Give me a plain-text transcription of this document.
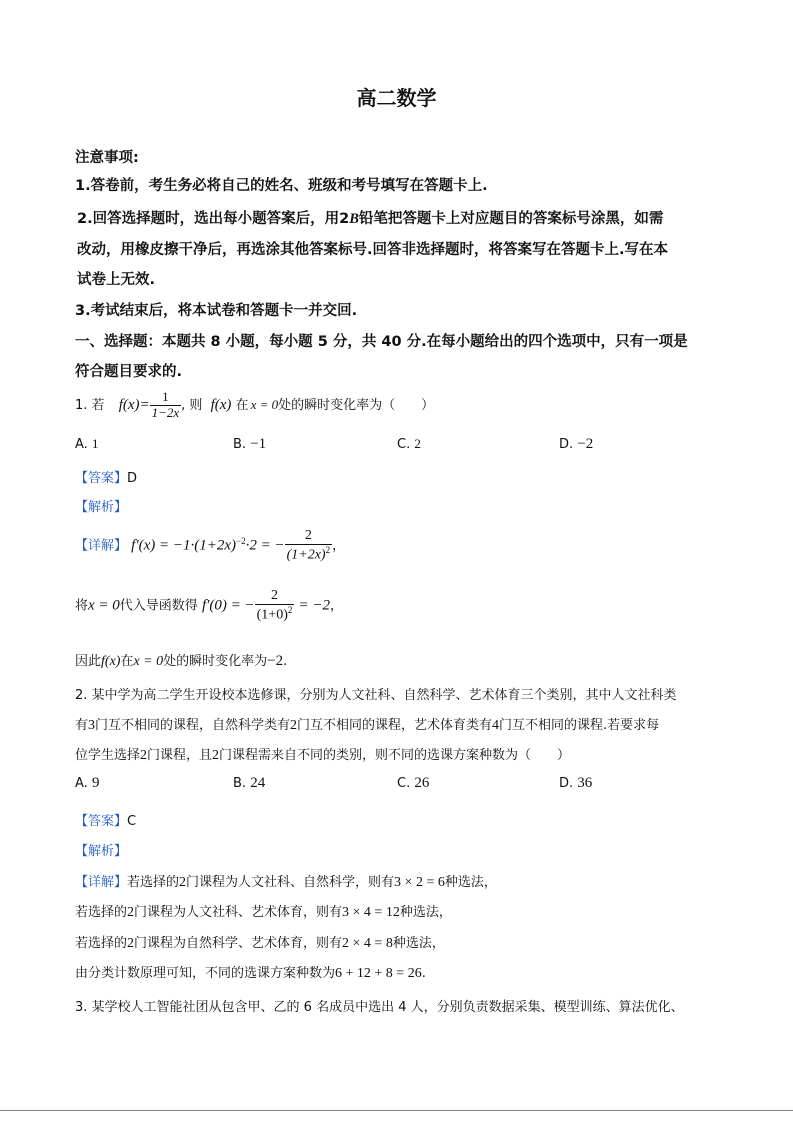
高二数学
注意事项:
1.答卷前，考生务必将自己的姓名、班级和考号填写在答题卡上.
2.回答选择题时，选出每小题答案后，用2B铅笔把答题卡上对应题目的答案标号涂黑，如需
改动，用橡皮擦干净后，再选涂其他答案标号.回答非选择题时，将答案写在答题卡上.写在本
试卷上无效.
3.考试结束后，将本试卷和答题卡一并交回.
一、选择题：本题共 8 小题，每小题 5 分，共 40 分.在每小题给出的四个选项中，只有一项是
符合题目要求的.
1. 若 $f(x)= \frac{1}{1-2x}$ , 则 f(x) 在 x = 0处的瞬时变化率为（　　）
A. 1	B. −1	C. 2	D. −2
【答案】D
【解析】
【详解】 $f'(x) = -1\cdot(1+2x)^{-2}\cdot 2$ = − $\frac{2}{(1+2x)^2}$ ，
将x = 0代入导函数得 f′(0) = − $\frac{2}{(1+0)^2} = -2$，
因此f(x)在x = 0处的瞬时变化率为−2.
2. 某中学为高二学生开设校本选修课，分别为人文社科、自然科学、艺术体育三个类别，其中人文社科类
有3门互不相同的课程，自然科学类有2门互不相同的课程，艺术体育类有4门互不相同的课程.若要求每
位学生选择2门课程，且2门课程需来自不同的类别，则不同的选课方案种数为（　　）
A. 9	B. 24	C. 26	D. 36
【答案】C
【解析】
【详解】若选择的2门课程为人文社科、自然科学，则有3 × 2 = 6种选法，
若选择的2门课程为人文社科、艺术体育，则有3 × 4 = 12种选法，
若选择的2门课程为自然科学、艺术体育，则有2 × 4 = 8种选法，
由分类计数原理可知，不同的选课方案种数为6 + 12 + 8 = 26.
3. 某学校人工智能社团从包含甲、乙的 6 名成员中选出 4 人，分别负责数据采集、模型训练、算法优化、
